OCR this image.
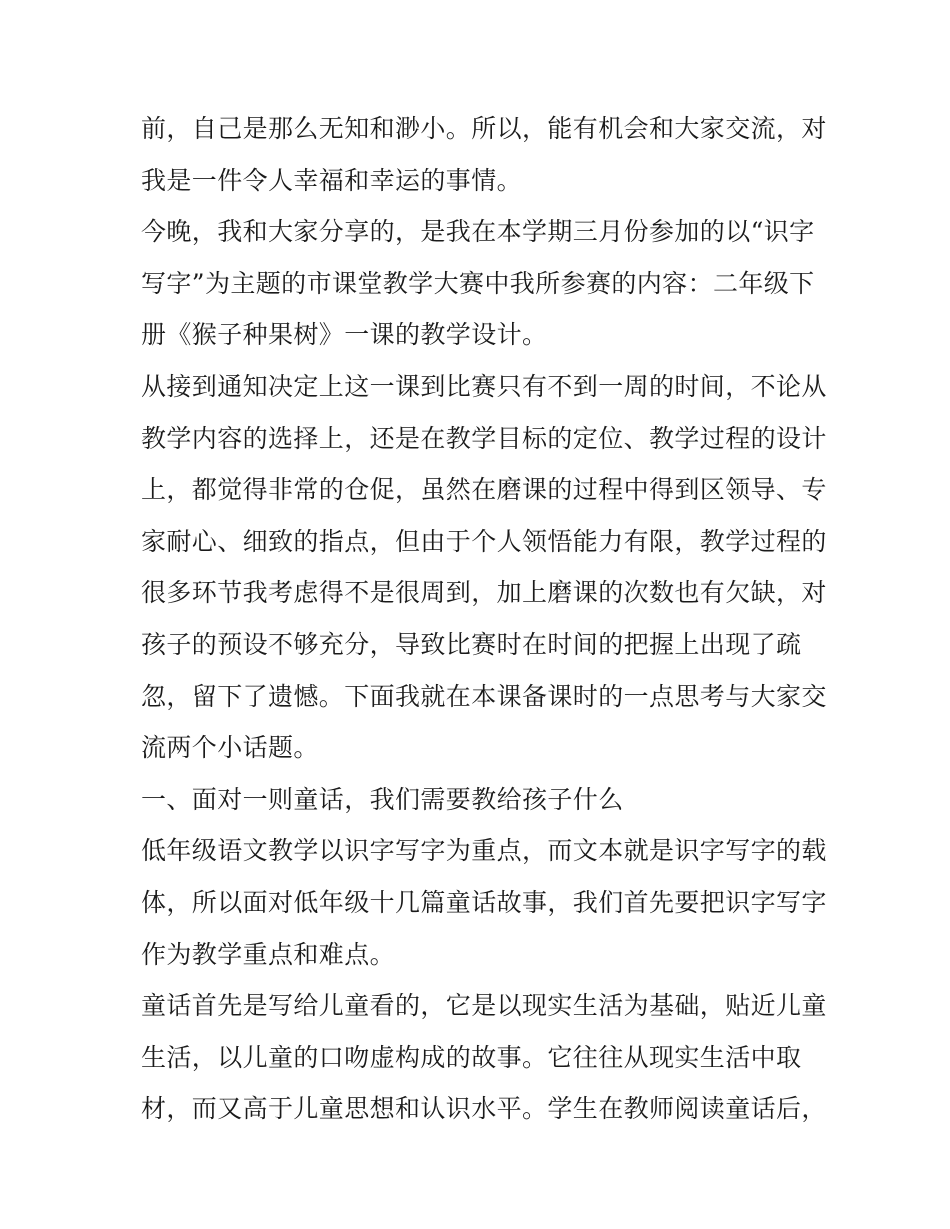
前，自己是那么无知和渺小。所以，能有机会和大家交流，对
我是一件令人幸福和幸运的事情。
今晚，我和大家分享的，是我在本学期三月份参加的以“识字
写字”为主题的市课堂教学大赛中我所参赛的内容：二年级下
册《猴子种果树》一课的教学设计。
从接到通知决定上这一课到比赛只有不到一周的时间，不论从
教学内容的选择上，还是在教学目标的定位、教学过程的设计
上，都觉得非常的仓促，虽然在磨课的过程中得到区领导、专
家耐心、细致的指点，但由于个人领悟能力有限，教学过程的
很多环节我考虑得不是很周到，加上磨课的次数也有欠缺，对
孩子的预设不够充分，导致比赛时在时间的把握上出现了疏
忽，留下了遗憾。下面我就在本课备课时的一点思考与大家交
流两个小话题。
一、面对一则童话，我们需要教给孩子什么
低年级语文教学以识字写字为重点，而文本就是识字写字的载
体，所以面对低年级十几篇童话故事，我们首先要把识字写字
作为教学重点和难点。
童话首先是写给儿童看的，它是以现实生活为基础，贴近儿童
生活，以儿童的口吻虚构成的故事。它往往从现实生活中取
材，而又高于儿童思想和认识水平。学生在教师阅读童话后，
